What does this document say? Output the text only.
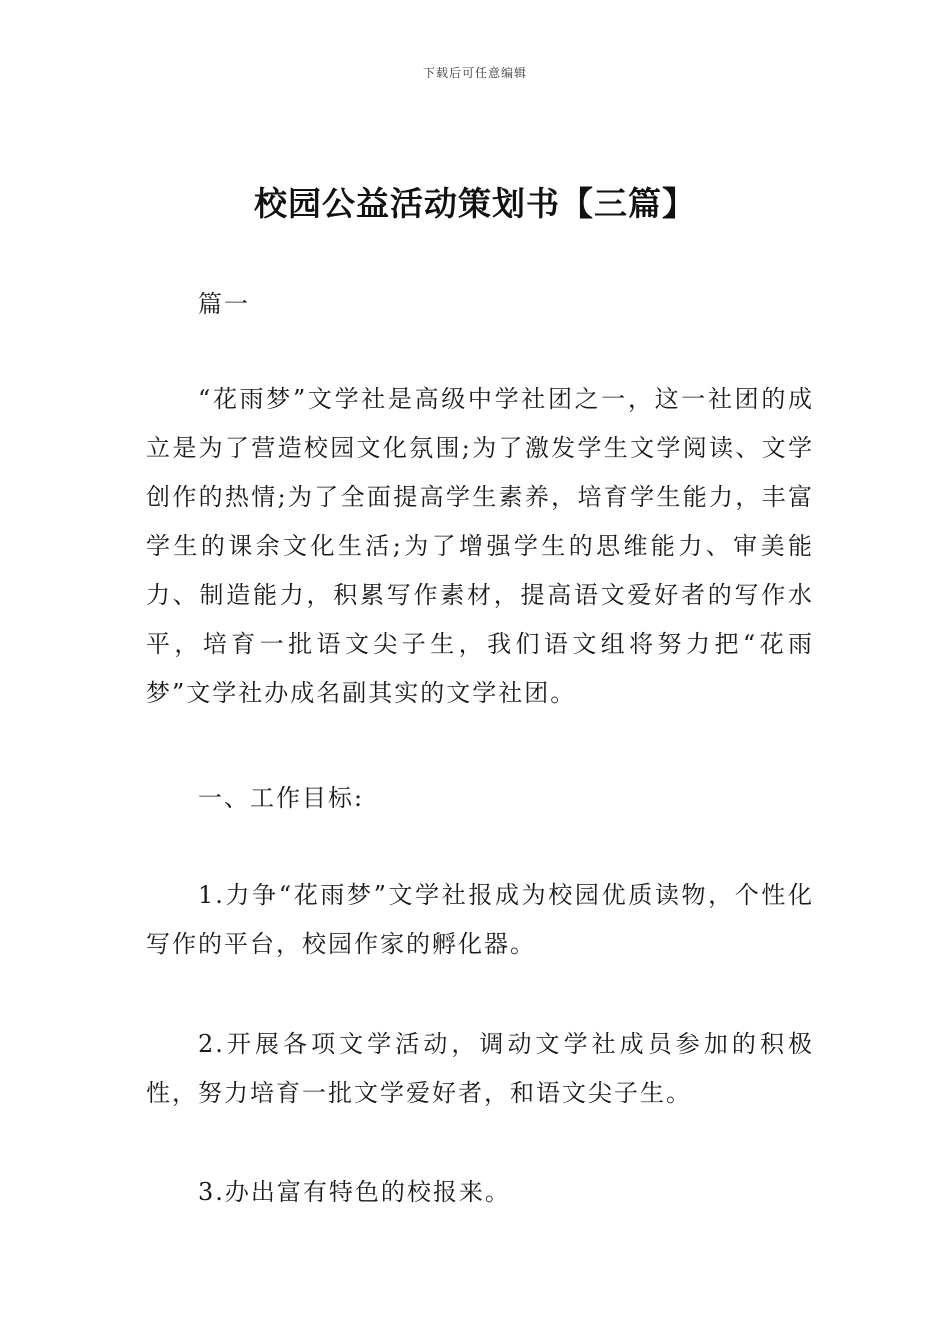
下载后可任意编辑
校园公益活动策划书【三篇】

篇一

“花雨梦”文学社是高级中学社团之一，这一社团的成立是为了营造校园文化氛围;为了激发学生文学阅读、文学创作的热情;为了全面提高学生素养，培育学生能力，丰富学生的课余文化生活;为了增强学生的思维能力、审美能力、制造能力，积累写作素材，提高语文爱好者的写作水平，培育一批语文尖子生，我们语文组将努力把“花雨梦”文学社办成名副其实的文学社团。

一、工作目标:

1.力争“花雨梦”文学社报成为校园优质读物，个性化写作的平台，校园作家的孵化器。

2.开展各项文学活动，调动文学社成员参加的积极性，努力培育一批文学爱好者，和语文尖子生。

3.办出富有特色的校报来。
